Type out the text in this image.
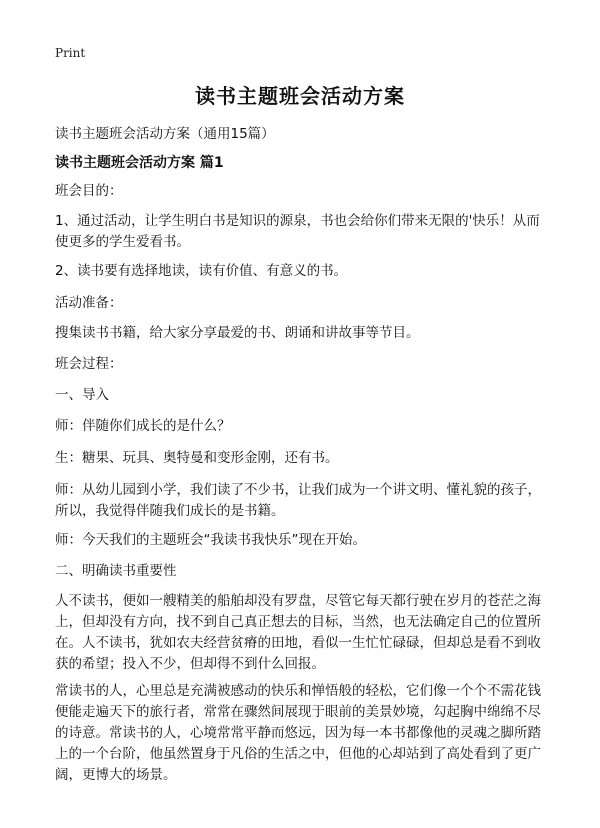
Print
读书主题班会活动方案
读书主题班会活动方案（通用15篇）
读书主题班会活动方案 篇1

班会目的：

1、通过活动，让学生明白书是知识的源泉，书也会给你们带来无限的'快乐！从而
使更多的学生爱看书。

2、读书要有选择地读，读有价值、有意义的书。

活动准备：

搜集读书书籍，给大家分享最爱的书、朗诵和讲故事等节目。

班会过程：

一、导入

师：伴随你们成长的是什么？

生：糖果、玩具、奥特曼和变形金刚，还有书。

师：从幼儿园到小学，我们读了不少书，让我们成为一个讲文明、懂礼貌的孩子，
所以，我觉得伴随我们成长的是书籍。

师：今天我们的主题班会“我读书我快乐”现在开始。

二、明确读书重要性

人不读书，便如一艘精美的船舶却没有罗盘，尽管它每天都行驶在岁月的苍茫之海
上，但却没有方向，找不到自己真正想去的目标，当然，也无法确定自己的位置所
在。人不读书，犹如农夫经营贫瘠的田地，看似一生忙忙碌碌，但却总是看不到收
获的希望；投入不少，但却得不到什么回报。

常读书的人，心里总是充满被感动的快乐和惮悟般的轻松，它们像一个个不需花钱
便能走遍天下的旅行者，常常在骤然间展现于眼前的美景妙境，勾起胸中绵绵不尽
的诗意。常读书的人，心境常常平静而悠远，因为每一本书都像他的灵魂之脚所踏
上的一个台阶，他虽然置身于凡俗的生活之中，但他的心却站到了高处看到了更广
阔，更博大的场景。
